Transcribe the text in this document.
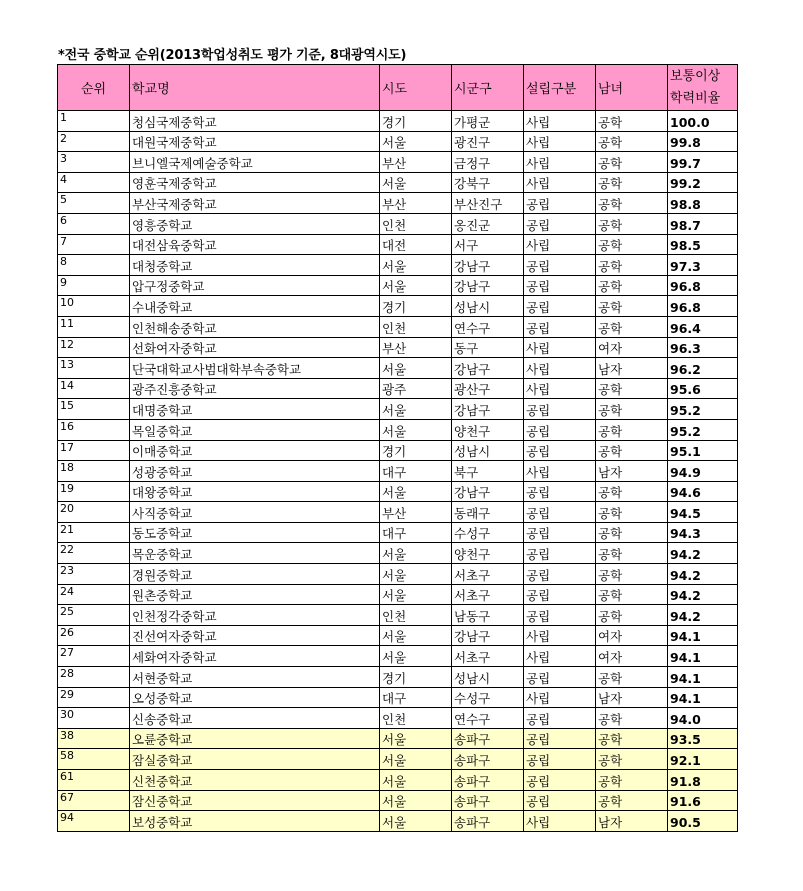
*전국 중학교 순위(2013학업성취도 평가 기준, 8대광역시도)
순위	학교명	시도	시군구	설립구분	남녀	보통이상
학력비율

1	청심국제중학교	경기	가평군	사립	공학	100.0
2	대원국제중학교	서울	광진구	사립	공학	99.8
3	브니엘국제예술중학교	부산	금정구	사립	공학	99.7
4	영훈국제중학교	서울	강북구	사립	공학	99.2
5	부산국제중학교	부산	부산진구	공립	공학	98.8
6	영흥중학교	인천	옹진군	공립	공학	98.7
7	대전삼육중학교	대전	서구	사립	공학	98.5
8	대청중학교	서울	강남구	공립	공학	97.3
9	압구정중학교	서울	강남구	공립	공학	96.8
10	수내중학교	경기	성남시	공립	공학	96.8
11	인천해송중학교	인천	연수구	공립	공학	96.4
12	선화여자중학교	부산	동구	사립	여자	96.3
13	단국대학교사범대학부속중학교	서울	강남구	사립	남자	96.2
14	광주진흥중학교	광주	광산구	사립	공학	95.6
15	대명중학교	서울	강남구	공립	공학	95.2
16	목일중학교	서울	양천구	공립	공학	95.2
17	이매중학교	경기	성남시	공립	공학	95.1
18	성광중학교	대구	북구	사립	남자	94.9
19	대왕중학교	서울	강남구	공립	공학	94.6
20	사직중학교	부산	동래구	공립	공학	94.5
21	동도중학교	대구	수성구	공립	공학	94.3
22	목운중학교	서울	양천구	공립	공학	94.2
23	경원중학교	서울	서초구	공립	공학	94.2
24	원촌중학교	서울	서초구	공립	공학	94.2
25	인천정각중학교	인천	남동구	공립	공학	94.2
26	진선여자중학교	서울	강남구	사립	여자	94.1
27	세화여자중학교	서울	서초구	사립	여자	94.1
28	서현중학교	경기	성남시	공립	공학	94.1
29	오성중학교	대구	수성구	사립	남자	94.1
30	신송중학교	인천	연수구	공립	공학	94.0
38	오륜중학교	서울	송파구	공립	공학	93.5
58	잠실중학교	서울	송파구	공립	공학	92.1
61	신천중학교	서울	송파구	공립	공학	91.8
67	잠신중학교	서울	송파구	공립	공학	91.6
94	보성중학교	서울	송파구	사립	남자	90.5
